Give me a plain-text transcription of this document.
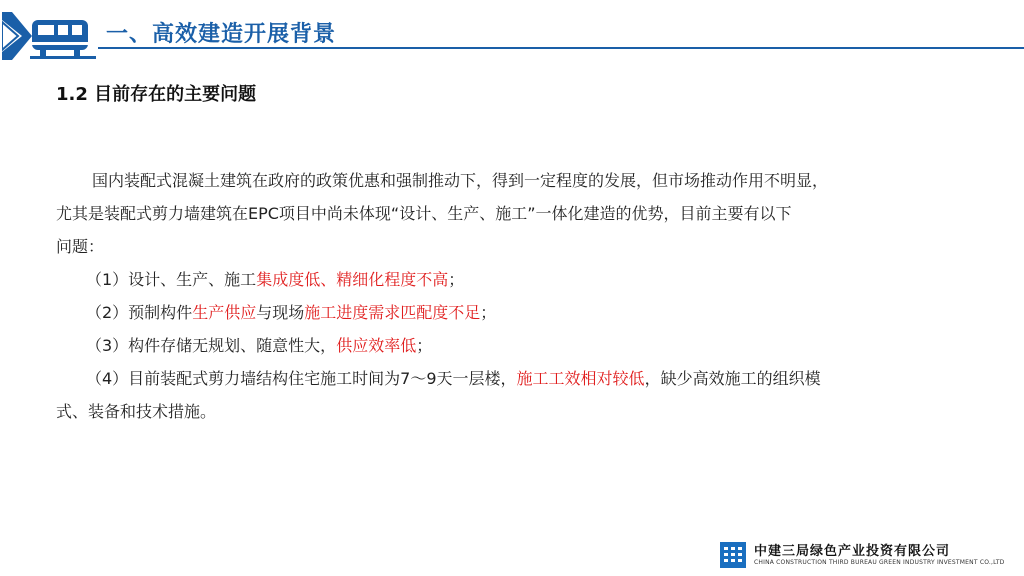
一、高效建造开展背景
1.2 目前存在的主要问题

国内装配式混凝土建筑在政府的政策优惠和强制推动下，得到一定程度的发展，但市场推动作用不明显，

尤其是装配式剪力墙建筑在EPC项目中尚未体现“设计、生产、施工”一体化建造的优势，目前主要有以下

问题：

（1）设计、生产、施工集成度低、精细化程度不高；

（2）预制构件生产供应与现场施工进度需求匹配度不足；

（3）构件存储无规划、随意性大，供应效率低；

（4）目前装配式剪力墙结构住宅施工时间为7～9天一层楼，施工工效相对较低，缺少高效施工的组织模

式、装备和技术措施。

中建三局绿色产业投资有限公司
CHINA CONSTRUCTION THIRD BUREAU GREEN INDUSTRY INVESTMENT CO.,LTD
